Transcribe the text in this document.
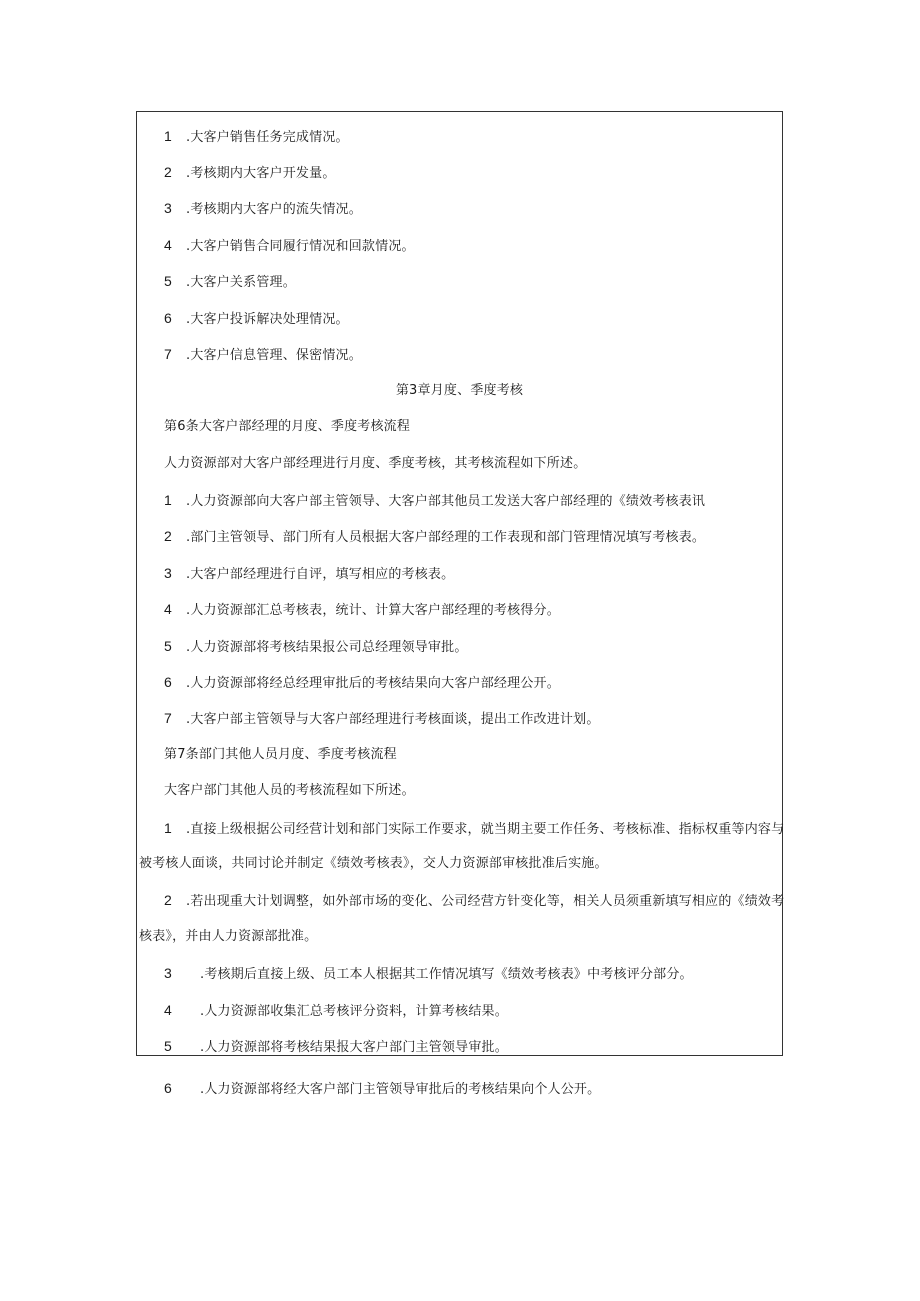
1 .大客户销售任务完成情况。
2 .考核期内大客户开发量。
3 .考核期内大客户的流失情况。
4 .大客户销售合同履行情况和回款情况。
5 .大客户关系管理。
6 .大客户投诉解决处理情况。
7 .大客户信息管理、保密情况。
第3章月度、季度考核
第6条大客户部经理的月度、季度考核流程
人力资源部对大客户部经理进行月度、季度考核，其考核流程如下所述。
1 .人力资源部向大客户部主管领导、大客户部其他员工发送大客户部经理的《绩效考核表讯
2 .部门主管领导、部门所有人员根据大客户部经理的工作表现和部门管理情况填写考核表。
3 .大客户部经理进行自评，填写相应的考核表。
4 .人力资源部汇总考核表，统计、计算大客户部经理的考核得分。
5 .人力资源部将考核结果报公司总经理领导审批。
6 .人力资源部将经总经理审批后的考核结果向大客户部经理公开。
7 .大客户部主管领导与大客户部经理进行考核面谈，提出工作改进计划。
第7条部门其他人员月度、季度考核流程
大客户部门其他人员的考核流程如下所述。
1 .直接上级根据公司经营计划和部门实际工作要求，就当期主要工作任务、考核标准、指标权重等内容与
被考核人面谈，共同讨论并制定《绩效考核表》，交人力资源部审核批准后实施。
2 .若出现重大计划调整，如外部市场的变化、公司经营方针变化等，相关人员须重新填写相应的《绩效考
核表》，并由人力资源部批准。
3 .考核期后直接上级、员工本人根据其工作情况填写《绩效考核表》中考核评分部分。
4 .人力资源部收集汇总考核评分资料，计算考核结果。
5 .人力资源部将考核结果报大客户部门主管领导审批。
6 .人力资源部将经大客户部门主管领导审批后的考核结果向个人公开。
